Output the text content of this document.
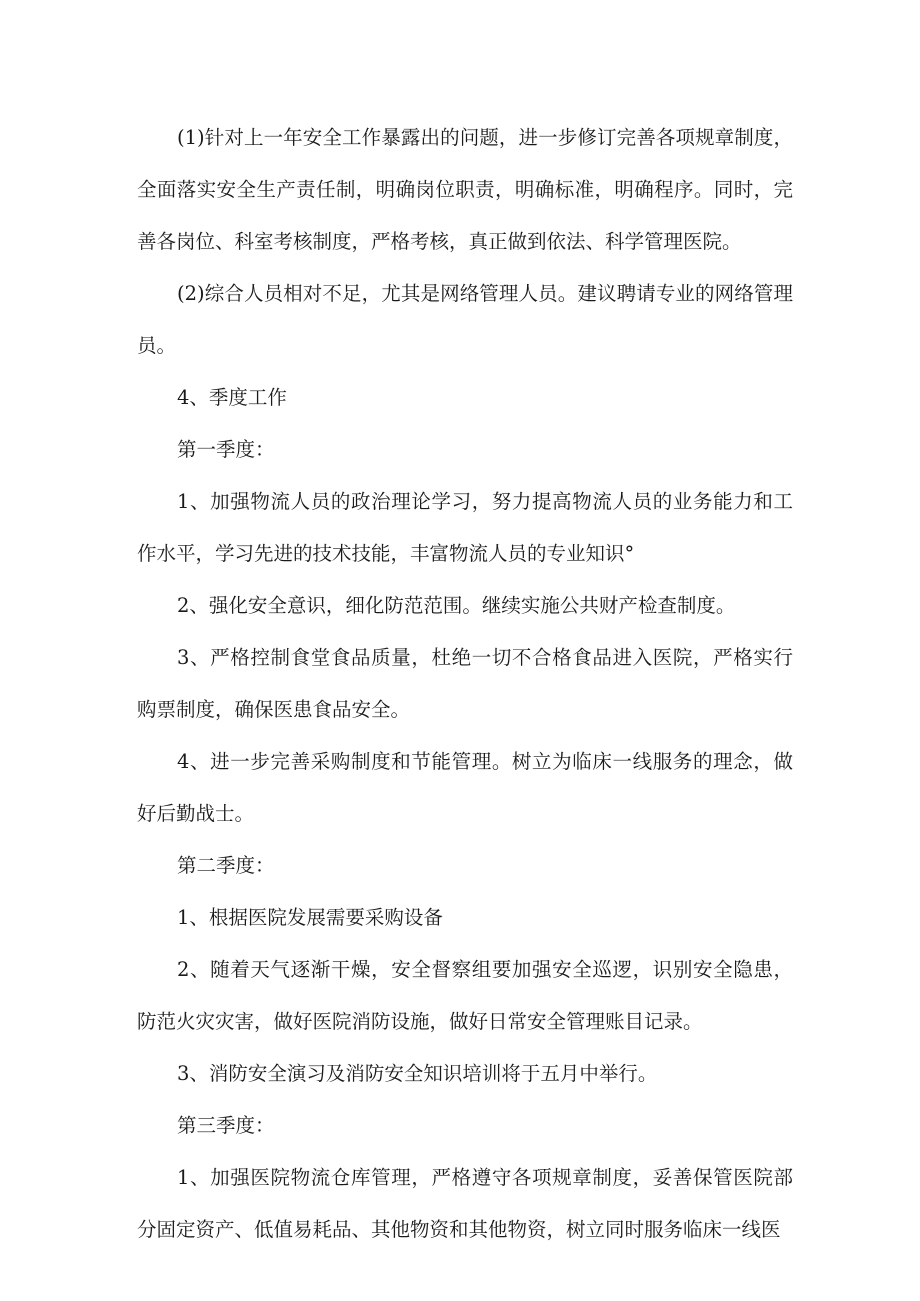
(1)针对上一年安全工作暴露出的问题，进一步修订完善各项规章制度，全面落实安全生产责任制，明确岗位职责，明确标准，明确程序。同时，完善各岗位、科室考核制度，严格考核，真正做到依法、科学管理医院。

(2)综合人员相对不足，尤其是网络管理人员。建议聘请专业的网络管理员。

4、季度工作

第一季度：

1、加强物流人员的政治理论学习，努力提高物流人员的业务能力和工作水平，学习先进的技术技能，丰富物流人员的专业知识°

2、强化安全意识，细化防范范围。继续实施公共财产检查制度。

3、严格控制食堂食品质量，杜绝一切不合格食品进入医院，严格实行购票制度，确保医患食品安全。

4、进一步完善采购制度和节能管理。树立为临床一线服务的理念，做好后勤战士。

第二季度：

1、根据医院发展需要采购设备

2、随着天气逐渐干燥，安全督察组要加强安全巡逻，识别安全隐患，防范火灾灾害，做好医院消防设施，做好日常安全管理账目记录。

3、消防安全演习及消防安全知识培训将于五月中举行。

第三季度：

1、加强医院物流仓库管理，严格遵守各项规章制度，妥善保管医院部分固定资产、低值易耗品、其他物资和其他物资，树立同时服务临床一线医
